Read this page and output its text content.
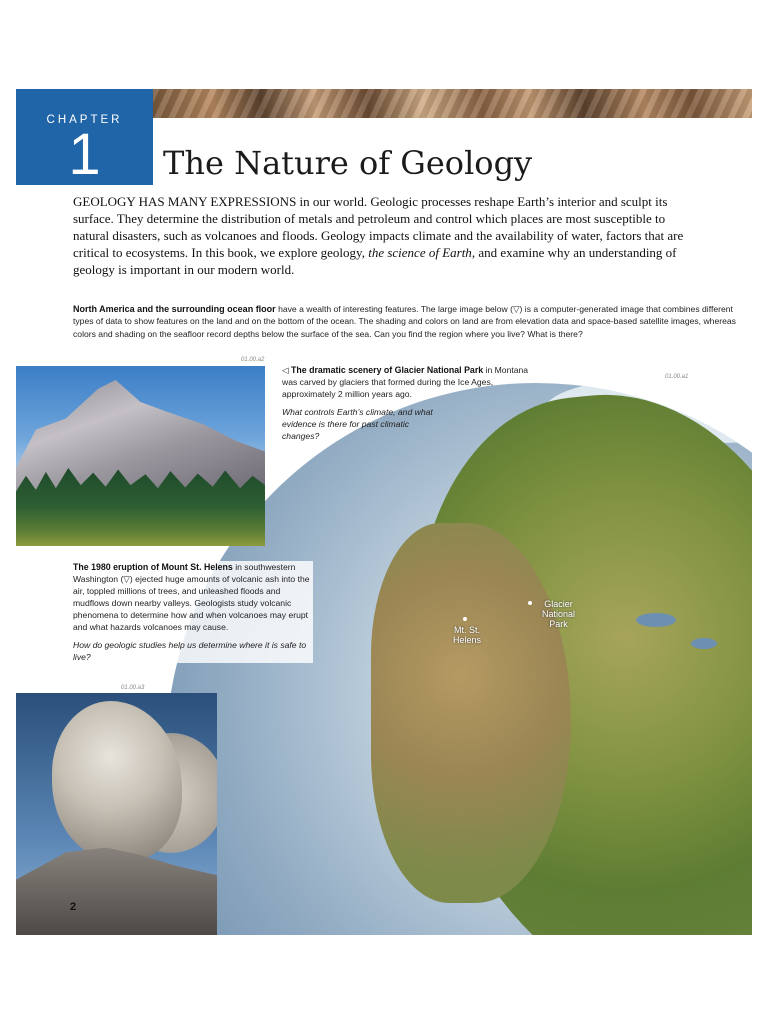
Glacier
National
Park
Mt. St.
Helens
CHAPTER
1	The Nature of Geology
GEOLOGY HAS MANY EXPRESSIONS in our world. Geologic processes reshape Earth’s interior and sculpt its surface. They determine the distribution of metals and petroleum and control which places are most susceptible to natural disasters, such as volcanoes and floods. Geology impacts climate and the availability of water, factors that are critical to ecosystems. In this book, we explore geology, the science of Earth, and examine why an understanding of geology is important in our modern world.
North America and the surrounding ocean floor have a wealth of interesting features. The large image below (▽) is a computer-generated image that combines different types of data to show features on the land and on the bottom of the ocean. The shading and colors on land are from elevation data and space-based satellite images, whereas colors and shading on the seafloor record depths below the surface of the sea. Can you find the region where you live? What is there?
01.00.a2
01.00.a1
◁ The dramatic scenery of Glacier National Park in Montana was carved by glaciers that formed during the Ice Ages, approximately 2 million years ago.
What controls Earth’s climate, and what evidence is there for past climatic changes?
The 1980 eruption of Mount St. Helens in southwestern Washington (▽) ejected huge amounts of volcanic ash into the air, toppled millions of trees, and unleashed floods and mudflows down nearby valleys. Geologists study volcanic phenomena to determine how and when volcanoes may erupt and what hazards volcanoes may cause.
How do geologic studies help us determine where it is safe to live?
01.00.a3
2
